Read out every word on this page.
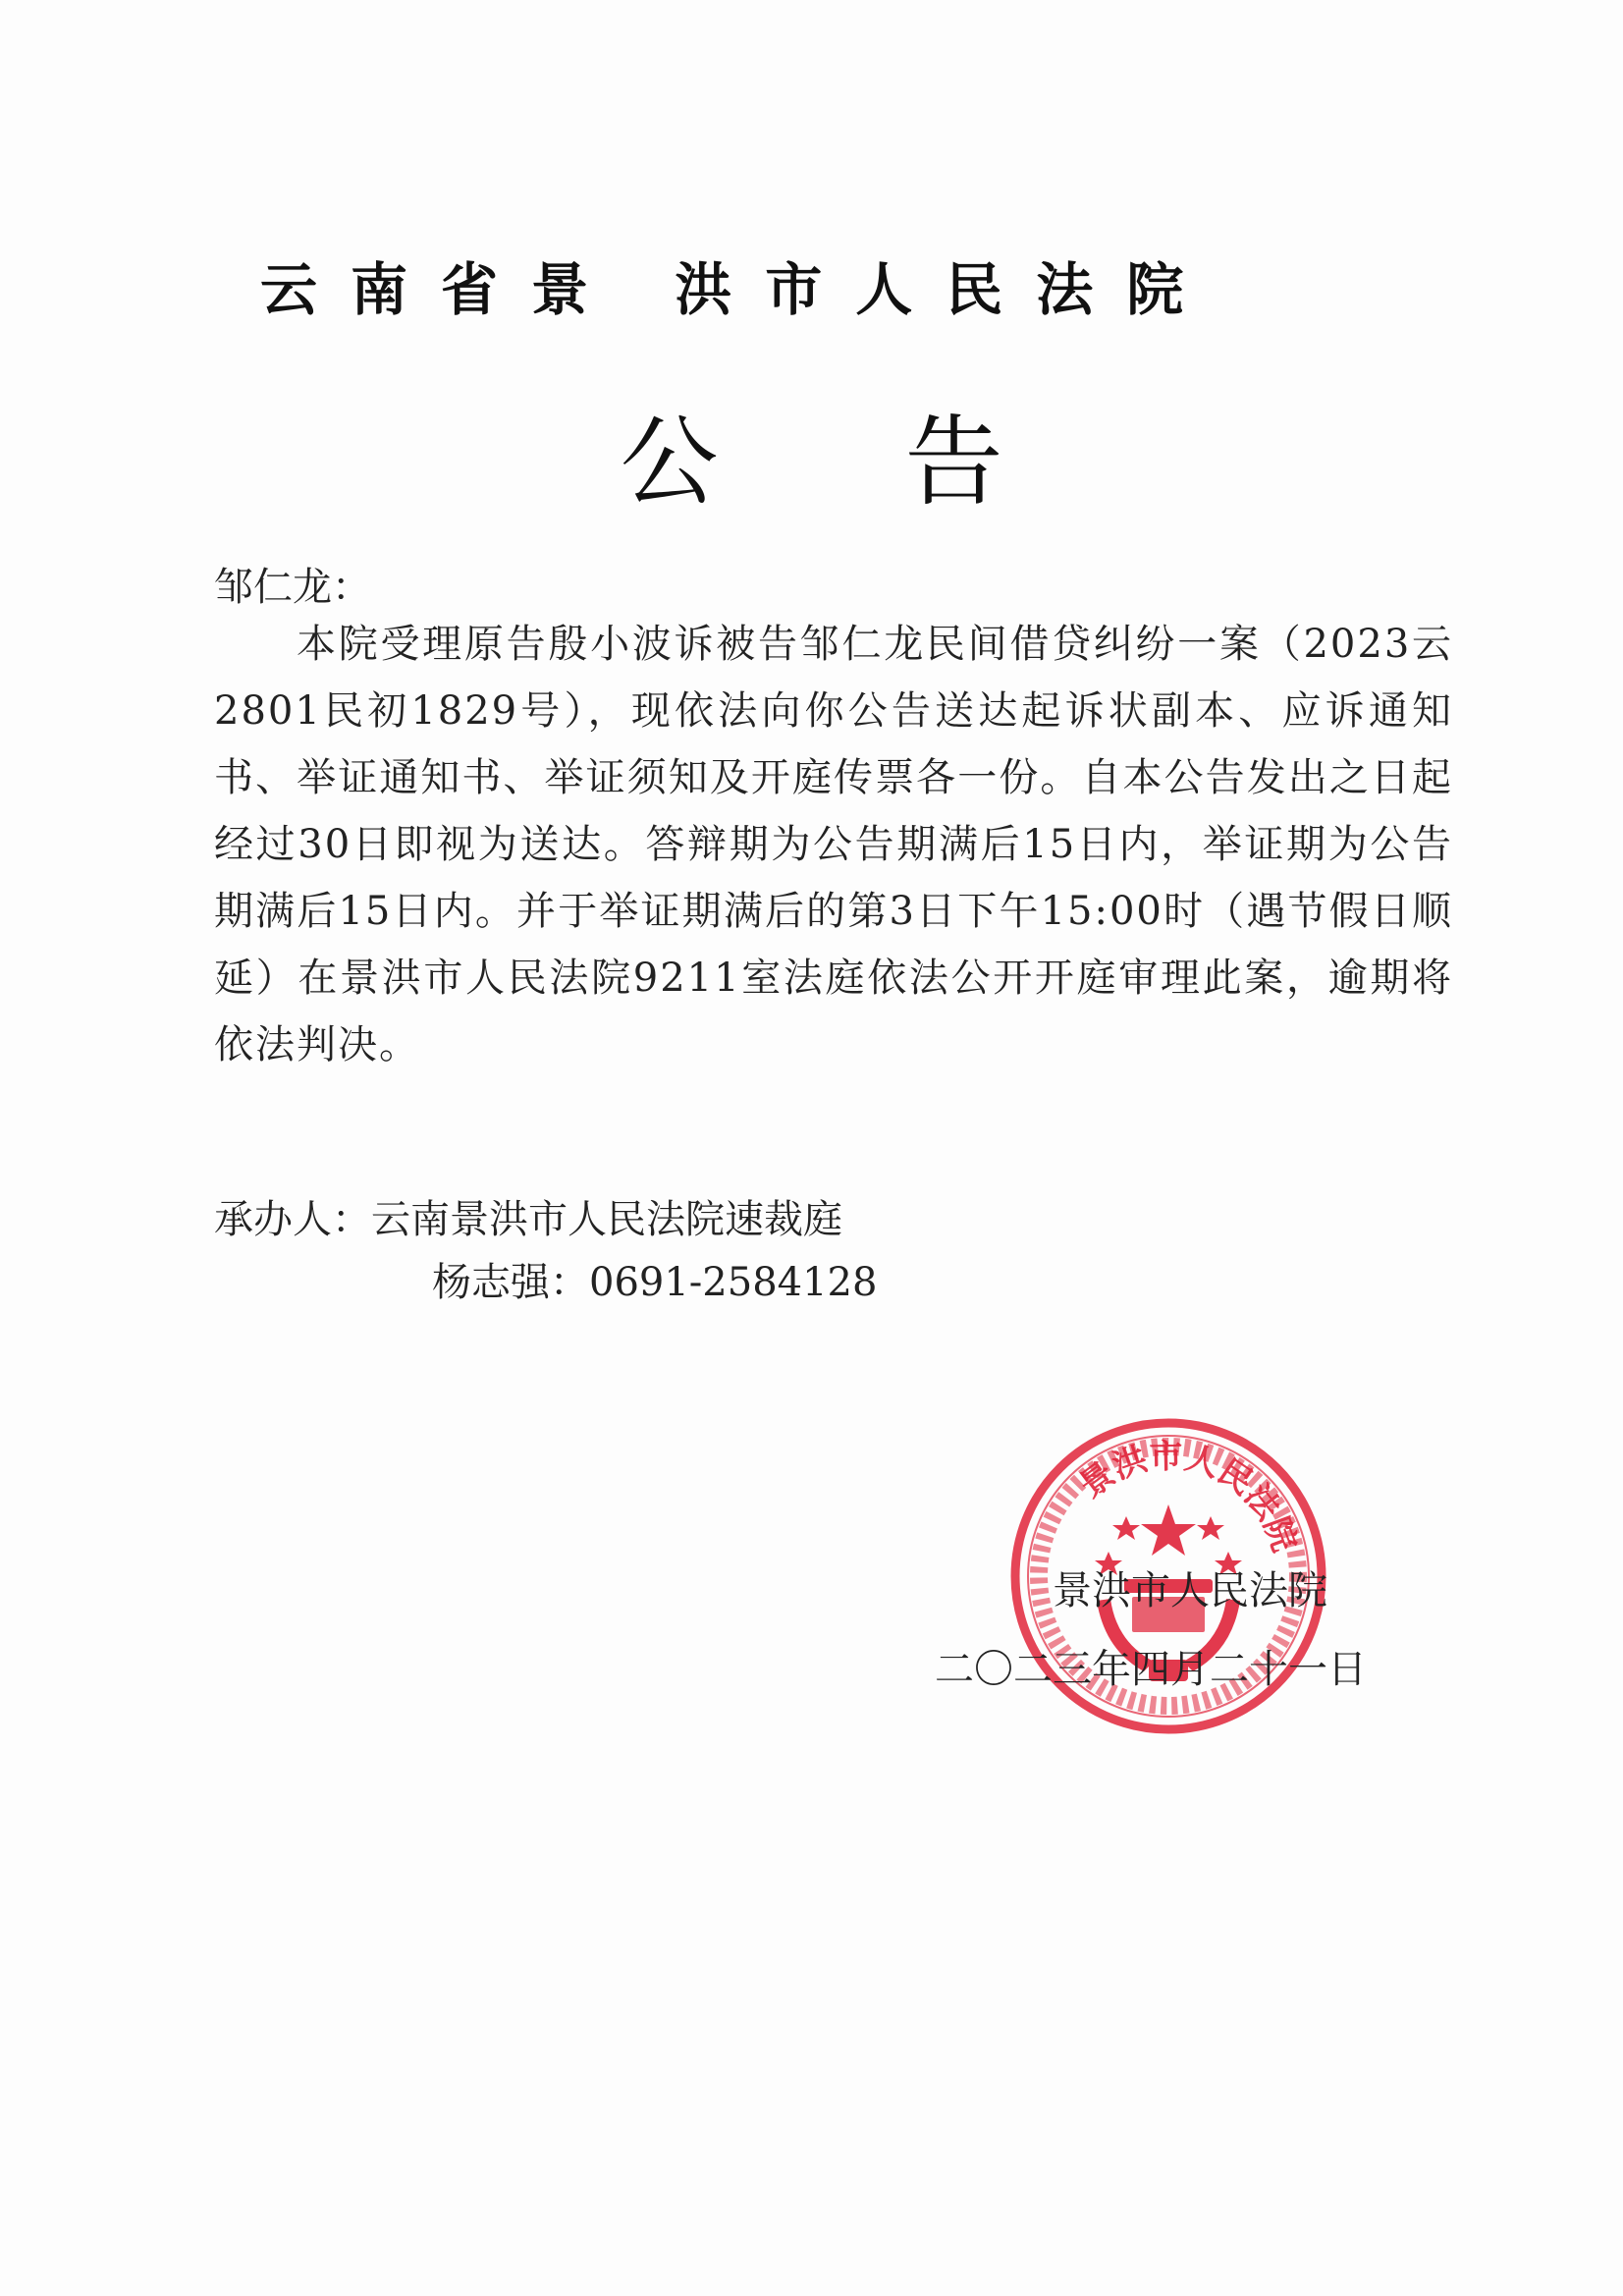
云南省景 洪市人民法院
公告
邹仁龙：

本院受理原告殷小波诉被告邹仁龙民间借贷纠纷一案（2023云2801民初1829号），现依法向你公告送达起诉状副本、应诉通知书、举证通知书、举证须知及开庭传票各一份。自本公告发出之日起经过30日即视为送达。答辩期为公告期满后15日内，举证期为公告期满后15日内。并于举证期满后的第3日下午15:00时（遇节假日顺延）在景洪市人民法院9211室法庭依法公开开庭审理此案，逾期将依法判决。

承办人：云南景洪市人民法院速裁庭
杨志强：0691-2584128
景洪市人民法院
景洪市人民法院
二〇二三年四月二十一日
